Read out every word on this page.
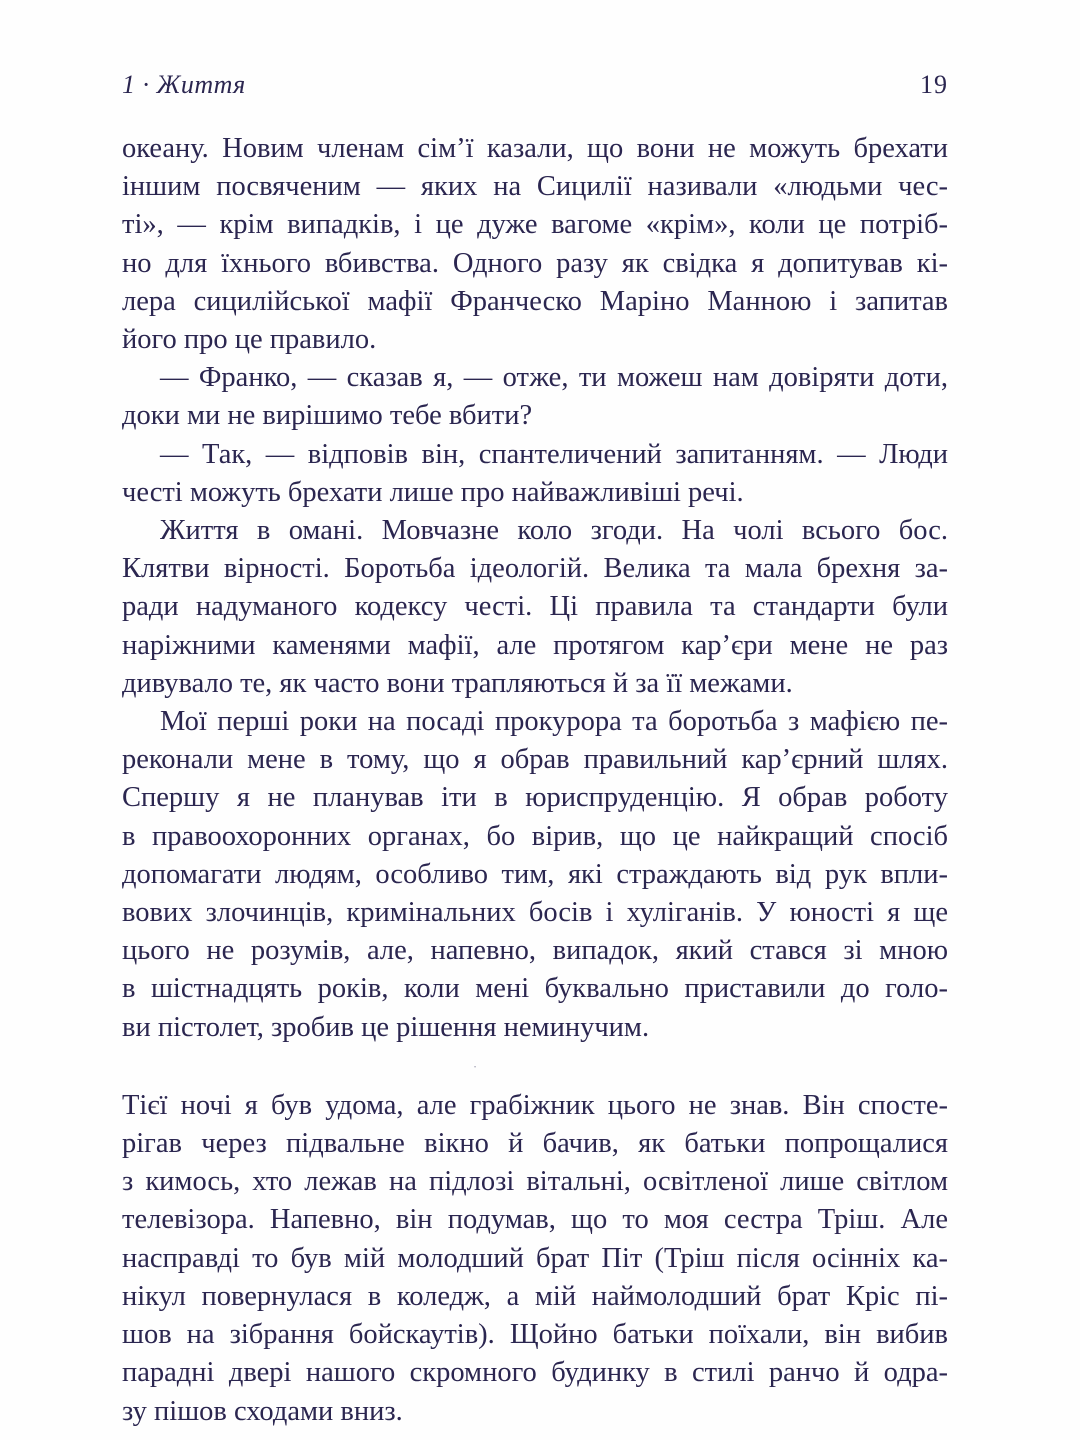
1 · Життя	19
океану. Новим членам сім’ї казали, що вони не можуть брехати
іншим посвяченим — яких на Сицилії називали «людьми чес-
ті», — крім випадків, і це дуже вагоме «крім», коли це потріб-
но для їхнього вбивства. Одного разу як свідка я допитував кі-
лера сицилійської мафії Франческо Маріно Манною і запитав
його про це правило.
— Франко, — сказав я, — отже, ти можеш нам довіряти доти,
доки ми не вирішимо тебе вбити?
— Так, — відповів він, спантеличений запитанням. — Люди
честі можуть брехати лише про найважливіші речі.
Життя в омані. Мовчазне коло згоди. На чолі всього бос.
Клятви вірності. Боротьба ідеологій. Велика та мала брехня за-
ради надуманого кодексу честі. Ці правила та стандарти були
наріжними каменями мафії, але протягом кар’єри мене не раз
дивувало те, як часто вони трапляються й за її межами.
Мої перші роки на посаді прокурора та боротьба з мафією пе-
реконали мене в тому, що я обрав правильний кар’єрний шлях.
Спершу я не планував іти в юриспруденцію. Я обрав роботу
в правоохоронних органах, бо вірив, що це найкращий спосіб
допомагати людям, особливо тим, які страждають від рук впли-
вових злочинців, кримінальних босів і хуліганів. У юності я ще
цього не розумів, але, напевно, випадок, який стався зі мною
в шістнадцять років, коли мені буквально приставили до голо-
ви пістолет, зробив це рішення неминучим.
·
Тієї ночі я був удома, але грабіжник цього не знав. Він спосте-
рігав через підвальне вікно й бачив, як батьки попрощалися
з кимось, хто лежав на підлозі вітальні, освітленої лише світлом
телевізора. Напевно, він подумав, що то моя сестра Тріш. Але
насправді то був мій молодший брат Піт (Тріш після осінніх ка-
нікул повернулася в коледж, а мій наймолодший брат Кріс пі-
шов на зібрання бойскаутів). Щойно батьки поїхали, він вибив
парадні двері нашого скромного будинку в стилі ранчо й одра-
зу пішов сходами вниз.
